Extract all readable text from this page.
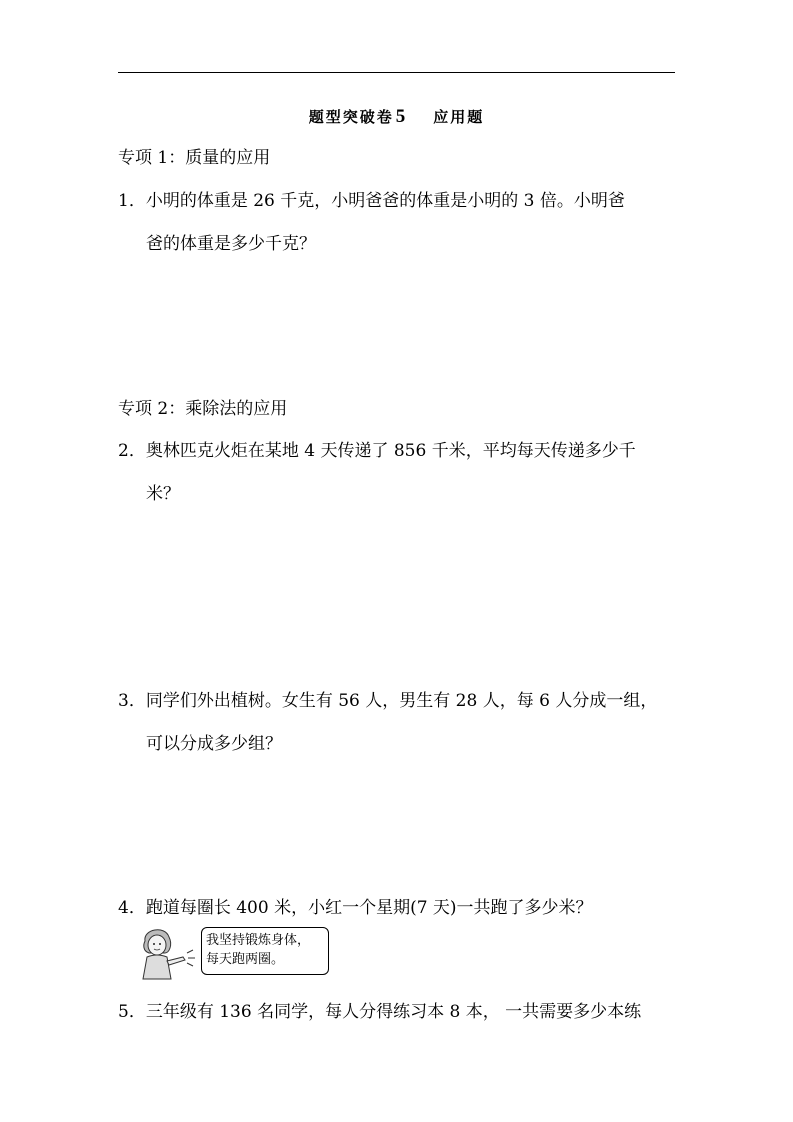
题型突破卷 5 应用题
专项 1：质量的应用
1．小明的体重是 26 千克，小明爸爸的体重是小明的 3 倍。小明爸
爸的体重是多少千克？
专项 2：乘除法的应用
2．奥林匹克火炬在某地 4 天传递了 856 千米，平均每天传递多少千
米？
3．同学们外出植树。女生有 56 人，男生有 28 人，每 6 人分成一组，
可以分成多少组？
4．跑道每圈长 400 米，小红一个星期(7 天)一共跑了多少米？
我坚持锻炼身体，
每天跑两圈。
5．三年级有 136 名同学，每人分得练习本 8 本， 一共需要多少本练
